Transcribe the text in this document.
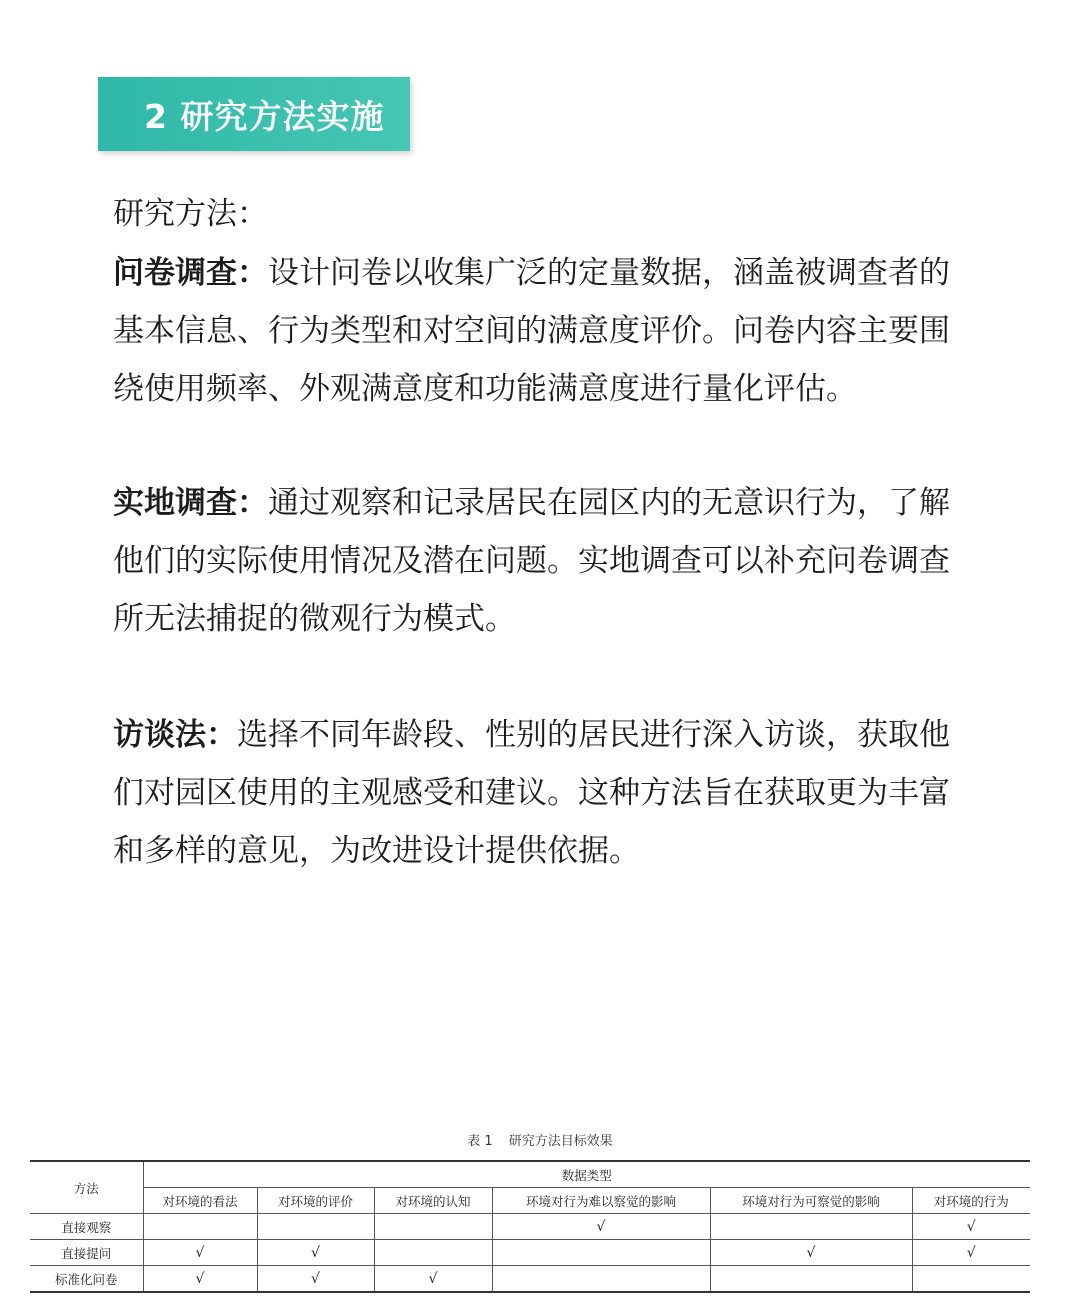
2 研究方法实施
研究方法：
问卷调查：设计问卷以收集广泛的定量数据，涵盖被调查者的基本信息、行为类型和对空间的满意度评价。问卷内容主要围绕使用频率、外观满意度和功能满意度进行量化评估。
实地调查：通过观察和记录居民在园区内的无意识行为，了解他们的实际使用情况及潜在问题。实地调查可以补充问卷调查所无法捕捉的微观行为模式。
访谈法：选择不同年龄段、性别的居民进行深入访谈，获取他们对园区使用的主观感受和建议。这种方法旨在获取更为丰富和多样的意见，为改进设计提供依据。
表 1 研究方法目标效果
方法	数据类型					
	对环境的看法	对环境的评价	对环境的认知	环境对行为难以察觉的影响	环境对行为可察觉的影响	对环境的行为
直接观察				√		√
直接提问	√	√			√	√
标准化问卷	√	√	√			
